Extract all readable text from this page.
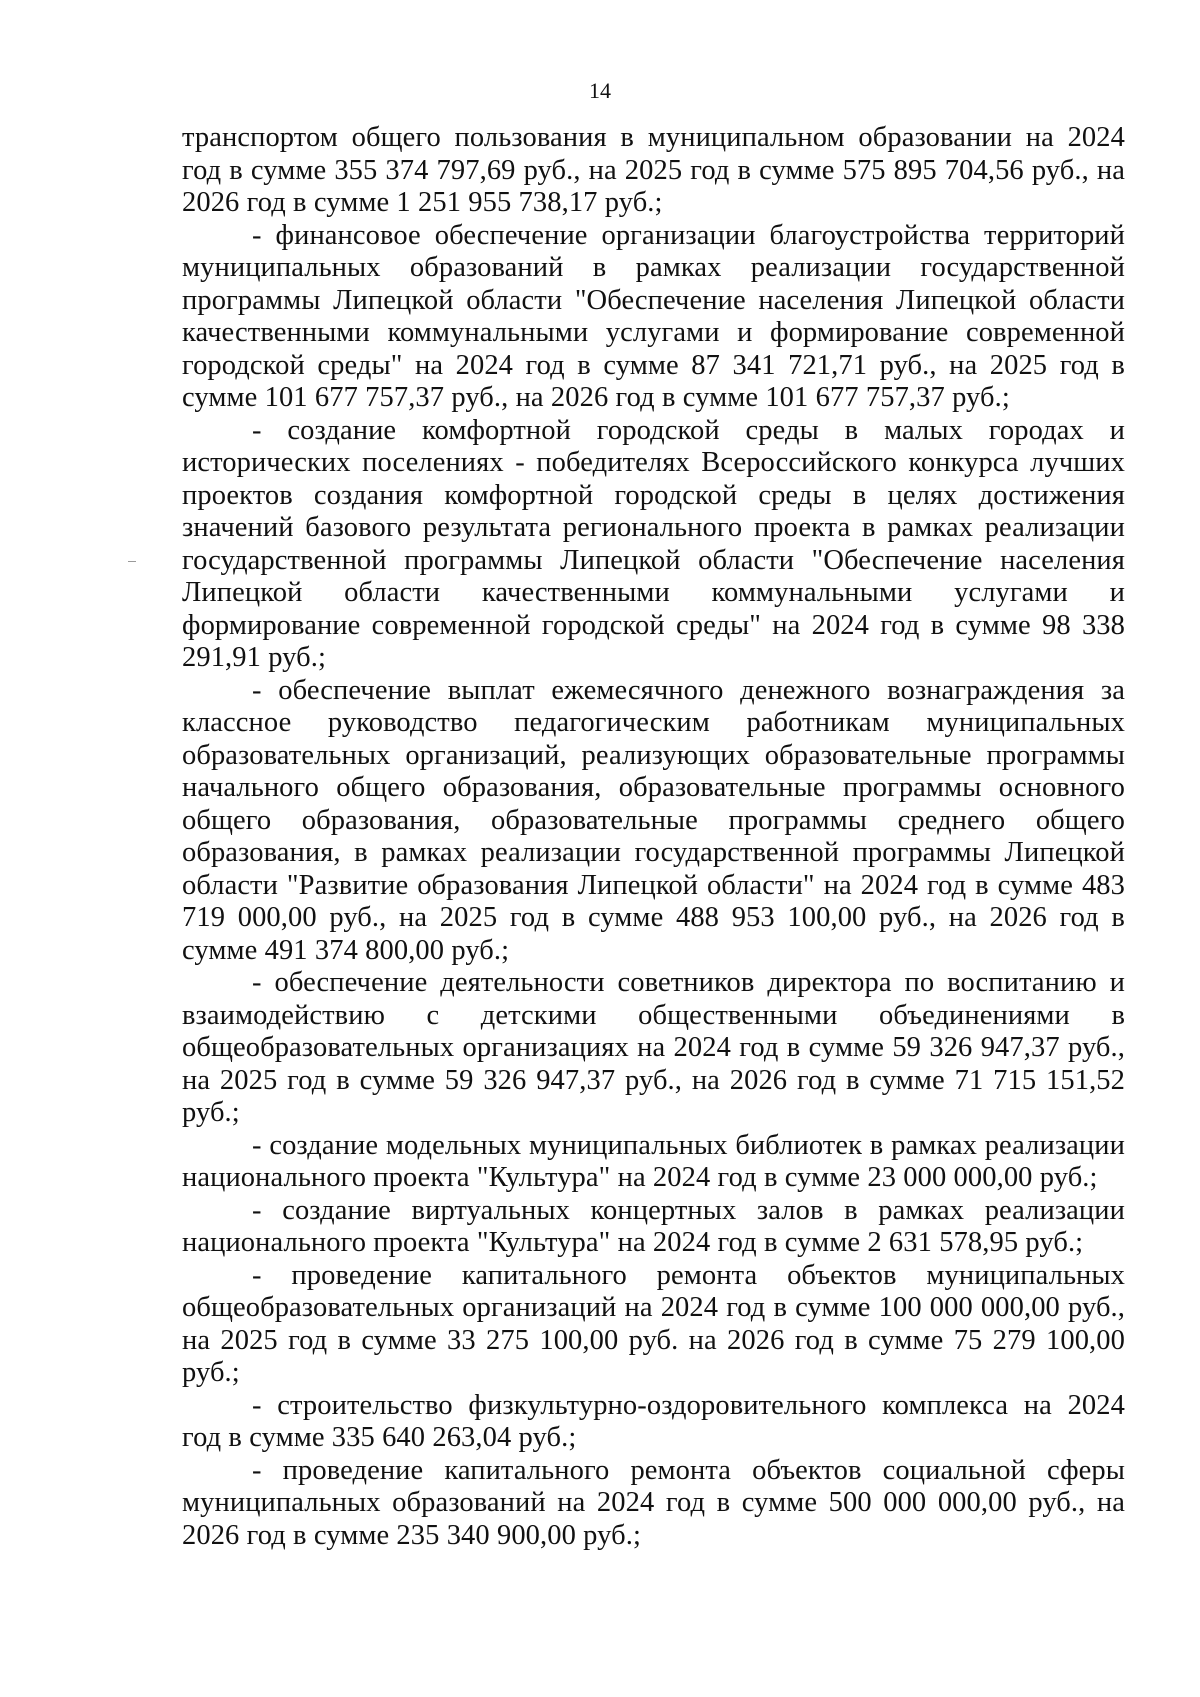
14

транспортом общего пользования в муниципальном образовании на 2024 год в сумме 355 374 797,69 руб., на 2025 год в сумме 575 895 704,56 руб., на 2026 год в сумме 1 251 955 738,17 руб.;

- финансовое обеспечение организации благоустройства территорий муниципальных образований в рамках реализации государственной программы Липецкой области "Обеспечение населения Липецкой области качественными коммунальными услугами и формирование современной городской среды" на 2024 год в сумме 87 341 721,71 руб., на 2025 год в сумме 101 677 757,37 руб., на 2026 год в сумме 101 677 757,37 руб.;

- создание комфортной городской среды в малых городах и исторических поселениях - победителях Всероссийского конкурса лучших проектов создания комфортной городской среды в целях достижения значений базового результата регионального проекта в рамках реализации государственной программы Липецкой области "Обеспечение населения Липецкой области качественными коммунальными услугами и формирование современной городской среды" на 2024 год в сумме 98 338 291,91 руб.;

- обеспечение выплат ежемесячного денежного вознаграждения за классное руководство педагогическим работникам муниципальных образовательных организаций, реализующих образовательные программы начального общего образования, образовательные программы основного общего образования, образовательные программы среднего общего образования, в рамках реализации государственной программы Липецкой области "Развитие образования Липецкой области" на 2024 год в сумме 483 719 000,00 руб., на 2025 год в сумме 488 953 100,00 руб., на 2026 год в сумме 491 374 800,00 руб.;

- обеспечение деятельности советников директора по воспитанию и взаимодействию с детскими общественными объединениями в общеобразовательных организациях на 2024 год в сумме 59 326 947,37 руб., на 2025 год в сумме 59 326 947,37 руб., на 2026 год в сумме 71 715 151,52 руб.;

- создание модельных муниципальных библиотек в рамках реализации национального проекта "Культура" на 2024 год в сумме 23 000 000,00 руб.;

- создание виртуальных концертных залов в рамках реализации национального проекта "Культура" на 2024 год в сумме 2 631 578,95 руб.;

- проведение капитального ремонта объектов муниципальных общеобразовательных организаций на 2024 год в сумме 100 000 000,00 руб., на 2025 год в сумме 33 275 100,00 руб. на 2026 год в сумме 75 279 100,00 руб.;

- строительство физкультурно-оздоровительного комплекса на 2024 год в сумме 335 640 263,04 руб.;

- проведение капитального ремонта объектов социальной сферы муниципальных образований на 2024 год в сумме 500 000 000,00 руб., на 2026 год в сумме 235 340 900,00 руб.;
